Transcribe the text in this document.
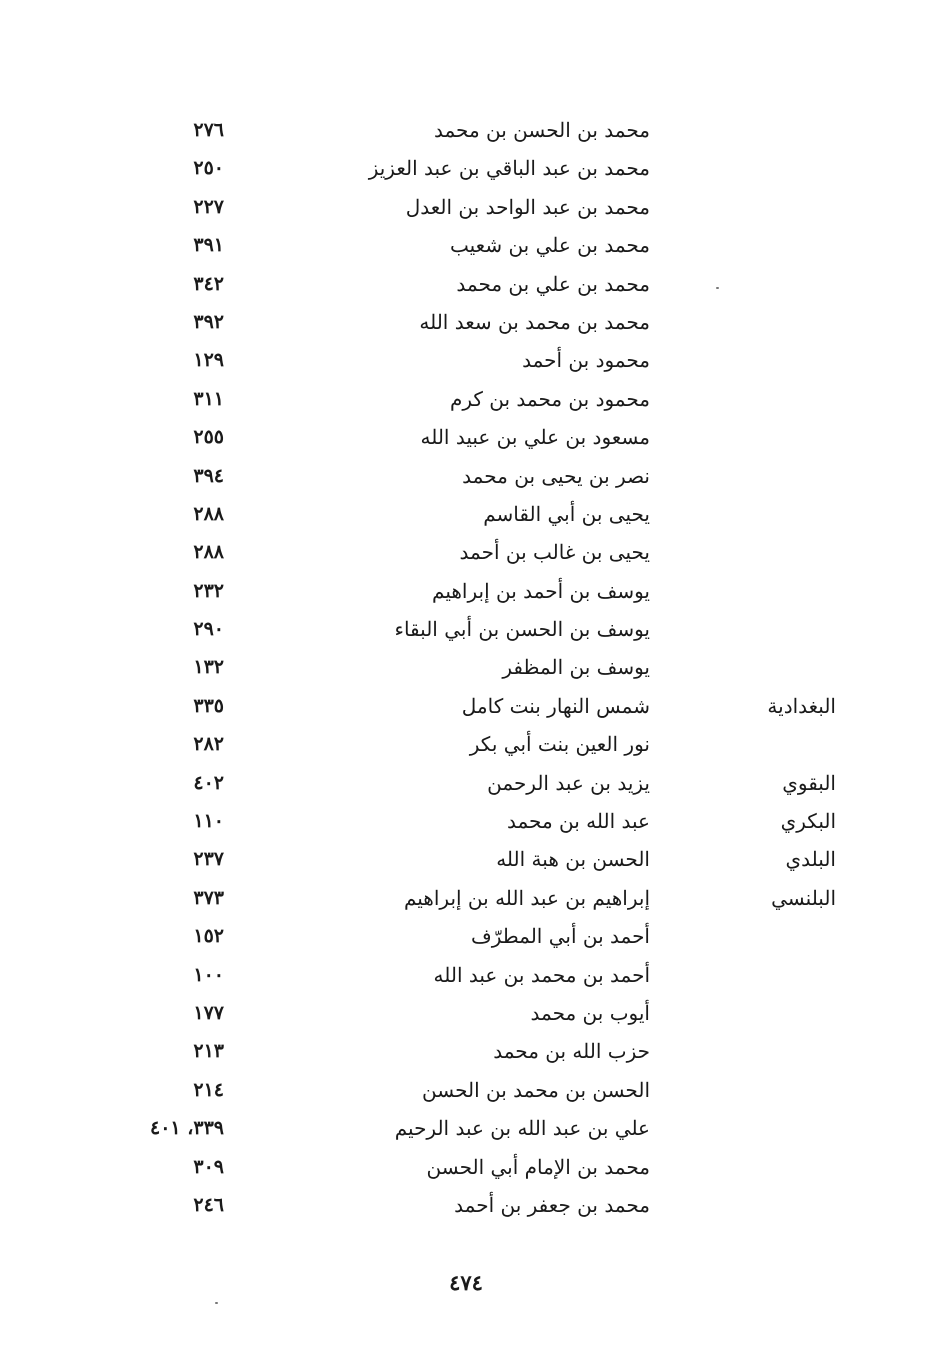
محمد بن الحسن بن محمد
٢٧٦
محمد بن عبد الباقي بن عبد العزيز
٢٥٠
محمد بن عبد الواحد بن العدل
٢٢٧
محمد بن علي بن شعيب
٣٩١
محمد بن علي بن محمد
٣٤٢
محمد بن محمد بن سعد الله
٣٩٢
محمود بن أحمد
١٢٩
محمود بن محمد بن كرم
٣١١
مسعود بن علي بن عبيد الله
٢٥٥
نصر بن يحيى بن محمد
٣٩٤
يحيى بن أبي القاسم
٢٨٨
يحيى بن غالب بن أحمد
٢٨٨
يوسف بن أحمد بن إبراهيم
٢٣٢
يوسف بن الحسن بن أبي البقاء
٢٩٠
يوسف بن المظفر
١٣٢
البغدادية
شمس النهار بنت كامل
٣٣٥
نور العين بنت أبي بكر
٢٨٢
البقوي
يزيد بن عبد الرحمن
٤٠٢
البكري
عبد الله بن محمد
١١٠
البلدي
الحسن بن هبة الله
٢٣٧
البلنسي
إبراهيم بن عبد الله بن إبراهيم
٣٧٣
أحمد بن أبي المطرّف
١٥٢
أحمد بن محمد بن عبد الله
١٠٠
أيوب بن محمد
١٧٧
حزب الله بن محمد
٢١٣
الحسن بن محمد بن الحسن
٢١٤
علي بن عبد الله بن عبد الرحيم
٣٣٩، ٤٠١
محمد بن الإمام أبي الحسن
٣٠٩
محمد بن جعفر بن أحمد
٢٤٦
٤٧٤
